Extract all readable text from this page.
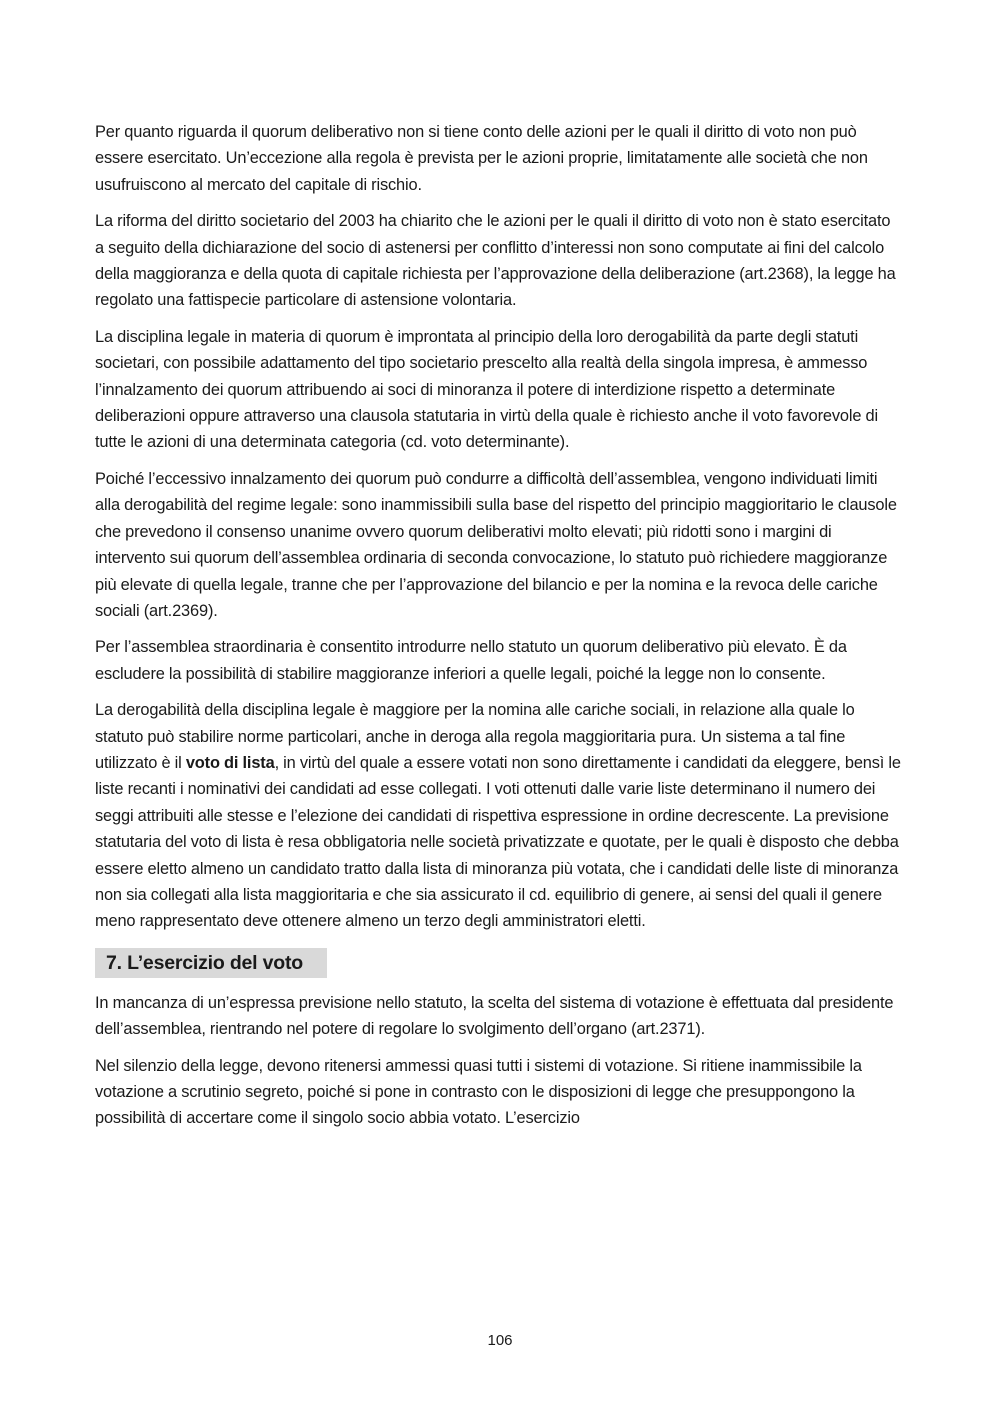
Per quanto riguarda il quorum deliberativo non si tiene conto delle azioni per le quali il diritto di voto non può essere esercitato. Un’eccezione alla regola è prevista per le azioni proprie, limitatamente alle società che non usufruiscono al mercato del capitale di rischio.

La riforma del diritto societario del 2003 ha chiarito che le azioni per le quali il diritto di voto non è stato esercitato a seguito della dichiarazione del socio di astenersi per conflitto d’interessi non sono computate ai fini del calcolo della maggioranza e della quota di capitale richiesta per l’approvazione della deliberazione (art.2368), la legge ha regolato una fattispecie particolare di astensione volontaria.

La disciplina legale in materia di quorum è improntata al principio della loro derogabilità da parte degli statuti societari, con possibile adattamento del tipo societario prescelto alla realtà della singola impresa, è ammesso l’innalzamento dei quorum attribuendo ai soci di minoranza il potere di interdizione rispetto a determinate deliberazioni oppure attraverso una clausola statutaria in virtù della quale è richiesto anche il voto favorevole di tutte le azioni di una determinata categoria (cd. voto determinante).

Poiché l’eccessivo innalzamento dei quorum può condurre a difficoltà dell’assemblea, vengono individuati limiti alla derogabilità del regime legale: sono inammissibili sulla base del rispetto del principio maggioritario le clausole che prevedono il consenso unanime ovvero quorum deliberativi molto elevati; più ridotti sono i margini di intervento sui quorum dell’assemblea ordinaria di seconda convocazione, lo statuto può richiedere maggioranze più elevate di quella legale, tranne che per l’approvazione del bilancio e per la nomina e la revoca delle cariche sociali (art.2369).

Per l’assemblea straordinaria è consentito introdurre nello statuto un quorum deliberativo più elevato. È da escludere la possibilità di stabilire maggioranze inferiori a quelle legali, poiché la legge non lo consente.

La derogabilità della disciplina legale è maggiore per la nomina alle cariche sociali, in relazione alla quale lo statuto può stabilire norme particolari, anche in deroga alla regola maggioritaria pura. Un sistema a tal fine utilizzato è il voto di lista, in virtù del quale a essere votati non sono direttamente i candidati da eleggere, bensì le liste recanti i nominativi dei candidati ad esse collegati. I voti ottenuti dalle varie liste determinano il numero dei seggi attribuiti alle stesse e l’elezione dei candidati di rispettiva espressione in ordine decrescente. La previsione statutaria del voto di lista è resa obbligatoria nelle società privatizzate e quotate, per le quali è disposto che debba essere eletto almeno un candidato tratto dalla lista di minoranza più votata, che i candidati delle liste di minoranza non sia collegati alla lista maggioritaria e che sia assicurato il cd. equilibrio di genere, ai sensi del quali il genere meno rappresentato deve ottenere almeno un terzo degli amministratori eletti.

7. L’esercizio del voto

In mancanza di un’espressa previsione nello statuto, la scelta del sistema di votazione è effettuata dal presidente dell’assemblea, rientrando nel potere di regolare lo svolgimento dell’organo (art.2371).

Nel silenzio della legge, devono ritenersi ammessi quasi tutti i sistemi di votazione. Si ritiene inammissibile la votazione a scrutinio segreto, poiché si pone in contrasto con le disposizioni di legge che presuppongono la possibilità di accertare come il singolo socio abbia votato. L’esercizio

106
